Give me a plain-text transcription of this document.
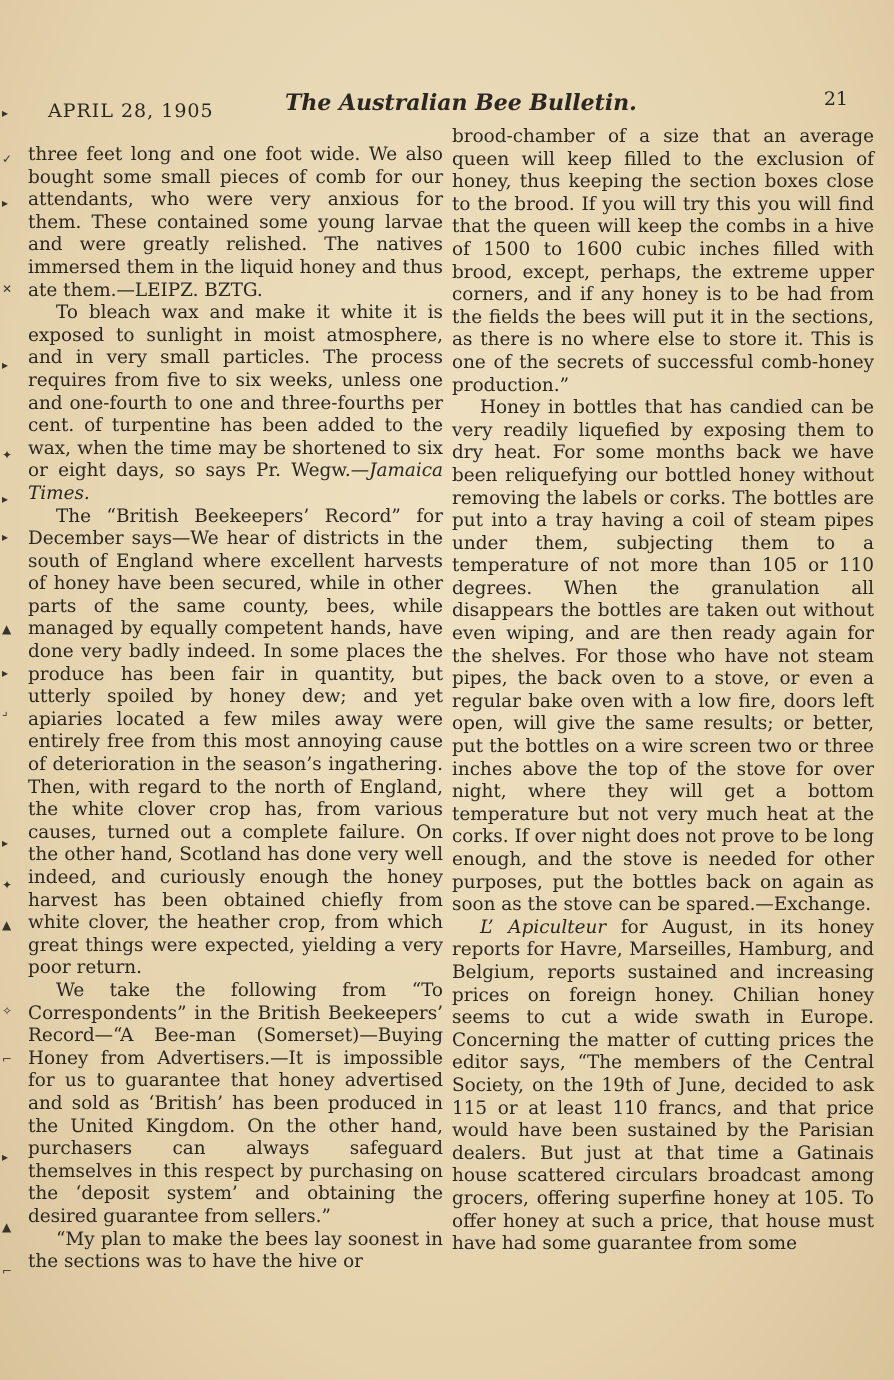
▸
✓
▸
✕
▸
✦
▸
▸
▲
▸
⌟
▸
✦
▲
✧
⌐
▸
▲
⌐
APRIL 28, 1905	The Australian Bee Bulletin.	21

three feet long and one foot wide. We also bought some small pieces of comb for our attendants, who were very anxious for them. These contained some young larvae and were greatly relished. The natives immersed them in the liquid honey and thus ate them.—LEIPZ. BZTG.

To bleach wax and make it white it is exposed to sunlight in moist atmosphere, and in very small particles. The process requires from five to six weeks, unless one and one-fourth to one and three-fourths per cent. of turpentine has been added to the wax, when the time may be shortened to six or eight days, so says Pr. Wegw.—Jamaica Times.

The “British Beekeepers’ Record” for December says—We hear of districts in the south of England where excellent harvests of honey have been secured, while in other parts of the same county, bees, while managed by equally competent hands, have done very badly indeed. In some places the produce has been fair in quantity, but utterly spoiled by honey dew; and yet apiaries located a few miles away were entirely free from this most annoying cause of deterioration in the season’s ingathering. Then, with regard to the north of England, the white clover crop has, from various causes, turned out a complete failure. On the other hand, Scotland has done very well indeed, and curiously enough the honey harvest has been obtained chiefly from white clover, the heather crop, from which great things were expected, yielding a very poor return.

We take the following from “To Correspondents” in the British Beekeepers’ Record—“A Bee-man (Somerset)—Buying Honey from Advertisers.—It is impossible for us to guarantee that honey advertised and sold as ‘British’ has been produced in the United Kingdom. On the other hand, purchasers can always safeguard themselves in this respect by purchasing on the ‘deposit system’ and obtaining the desired guarantee from sellers.”

“My plan to make the bees lay soonest in the sections was to have the hive or

brood-chamber of a size that an average queen will keep filled to the exclusion of honey, thus keeping the section boxes close to the brood. If you will try this you will find that the queen will keep the combs in a hive of 1500 to 1600 cubic inches filled with brood, except, perhaps, the extreme upper corners, and if any honey is to be had from the fields the bees will put it in the sections, as there is no where else to store it. This is one of the secrets of successful comb-honey production.”

Honey in bottles that has candied can be very readily liquefied by exposing them to dry heat. For some months back we have been reliquefying our bottled honey without removing the labels or corks. The bottles are put into a tray having a coil of steam pipes under them, subjecting them to a temperature of not more than 105 or 110 degrees. When the granulation all disappears the bottles are taken out without even wiping, and are then ready again for the shelves. For those who have not steam pipes, the back oven to a stove, or even a regular bake oven with a low fire, doors left open, will give the same results; or better, put the bottles on a wire screen two or three inches above the top of the stove for over night, where they will get a bottom temperature but not very much heat at the corks. If over night does not prove to be long enough, and the stove is needed for other purposes, put the bottles back on again as soon as the stove can be spared.—Exchange.

L’ Apiculteur for August, in its honey reports for Havre, Marseilles, Hamburg, and Belgium, reports sustained and increasing prices on foreign honey. Chilian honey seems to cut a wide swath in Europe. Concerning the matter of cutting prices the editor says, “The members of the Central Society, on the 19th of June, decided to ask 115 or at least 110 francs, and that price would have been sustained by the Parisian dealers. But just at that time a Gatinais house scattered circulars broadcast among grocers, offering superfine honey at 105. To offer honey at such a price, that house must have had some guarantee from some
